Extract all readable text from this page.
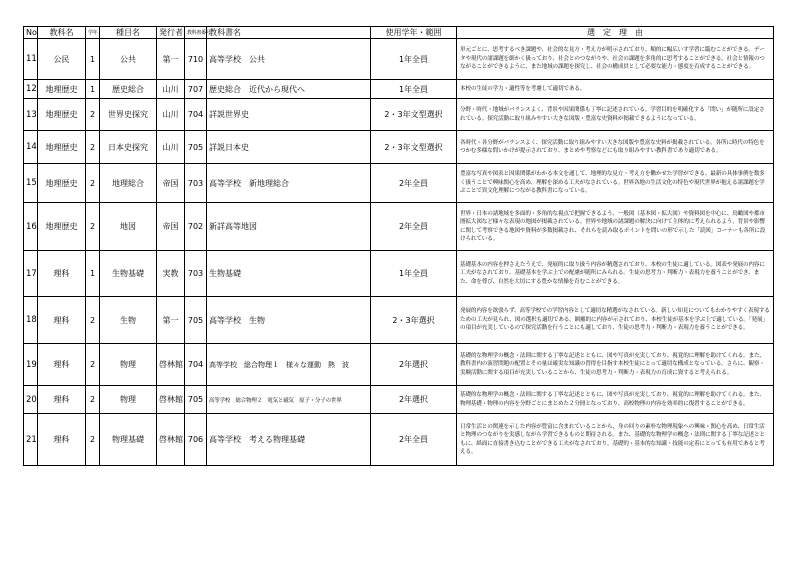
No	教科名	学年	種目名	発行者	教科書番号	教科書名	使用学年・範囲	選　定　理　由
11	公民	1	公共	第一	710	高等学校　公共	1年全員	単元ごとに、思考するべき課題や、社会的な見方・考え方が明示されており、順的に幅広いす学習に臨むことができる。データや現代の諸課題を細かく扱っており、社会とのつながりや、社会の課題を多角的に思考することができる。社会と情報のつながることができるように、また地域の課題を探究し、社会の構成員として必要な能力・態度を育成することができる。
12	地理歴史	1	歴史総合	山川	707	歴史総合　近代から現代へ	1年全員	本校の生徒の学力・適性等を考慮して適切である。
13	地理歴史	2	世界史探究	山川	704	詳説世界史	2・3年文型選択	分野・時代・地域がバランスよく、背景や因果関係も丁寧に記述されている。学習目的を明確化する「問い」が随所に設定されている。探究活動に取り組みやすい大きな図版・豊富な史資料が掲載できるようになっている。
14	地理歴史	2	日本史探究	山川	705	詳説日本史	2・3年文型選択	各時代・各分野がバランスよく、探究活動に取り組みやすい大きな図版や豊富な史料が掲載されている。各所に時代の特色をつかむ多様な問いかけが提示されており、まとめや考察などにも取り組みやすい教科書であり適切である。
15	地理歴史	2	地理総合	帝国	703	高等学校　新地理総合	2年全員	豊富な写真や図表と因果関係がわかる本文を通して、地理的な見方・考え方を働かせた学習ができる。最新の具体事例を数多く扱うことで興味関心を高め、理解を深める工夫がなされている。世界各地の生活文化の特色や現代世界が抱える諸課題を学ぶことで異文化理解につながる教科書になっている。
16	地理歴史	2	地図	帝国	702	新詳高等地図	2年全員	世界・日本の諸地域を多面的・多角的な視点で把握できるよう、一般図（基本図・拡大図）や資料図を中心に、鳥瞰図や都市圏拡大図など様々な表現の地図が掲載されている。世界や地域の諸課題の解決に向けて主体的に考えられるよう、背景や影響に関して考察できる地図や資料が多数掲載され、それらを読み取るポイントを問いの形で示した「読図」コーナーも各所に設けられている。
17	理科	1	生物基礎	実教	703	生物基礎	1年全員	基礎基本の内容を押さえたうえで、発展的に取り扱う内容が精選されており、本校の生徒に適している。図表や発展の内容に工夫がなされており、基礎基本を学ぶ上での配慮が随所にみられる。生徒の思考力・判断力・表現力を養うことができ、また、命を尊び、自然を大切にする豊かな情操を育むことができる。
18	理科	2	生物	第一	705	高等学校　生物	2・3年選択	発展的内容を欲張らず、高等学校での学習内容として適切な精選がなされている。新しい知見についてもわかりやすく表現するための工夫が見られ、図の選択も適切である。網羅的に内容が示されており、本校生徒が基本を学ぶ上で適している。「発展」の項目が充実しているので探究活動を行うことにも適しており、生徒の思考力・判断力・表現力を養うことができる。
19	理科	2	物理	啓林館	704	高等学校　総合物理１　様々な運動　熱　波	2年選択	基礎的な物理学の概念・法則に関する丁寧な記述とともに、図や写真が充実しており、視覚的に理解を助けてくれる。また、教科書内の演習問題の配置とその量は確実な知識の習得を目指す本校生徒にとって適切な構成となっている。さらに、観察・実験活動に関する項目が充実していることから、生徒の思考力・判断力・表現力の育成に資すると考えられる。
20	理科	2	物理	啓林館	705	高等学校　総合物理２　電気と磁気　原子・分子の世界	2年選択	基礎的な物理学の概念・法則に関する丁寧な記述とともに、図や写真が充実しており、視覚的に理解を助けてくれる。また、物理基礎・物理の内容を分野ごとにまとめた２分冊となっており、高校物理の内容を効率的に復習することができる。
21	理科	2	物理基礎	啓林館	706	高等学校　考える物理基礎	2年全員	日常生活との関連を示した内容が豊富に含まれていることから、身の回りの素朴な物理現象への興味・関心を高め、日常生活と物理のつながりを実感しながら学習できるものと期待される。また、基礎的な物理学の概念・法則に関する丁寧な記述とともに、紙面に直接書き込むことができる工夫がなされており、基礎的・基本的な知識・技能の定着にとっても有用であると考える。
